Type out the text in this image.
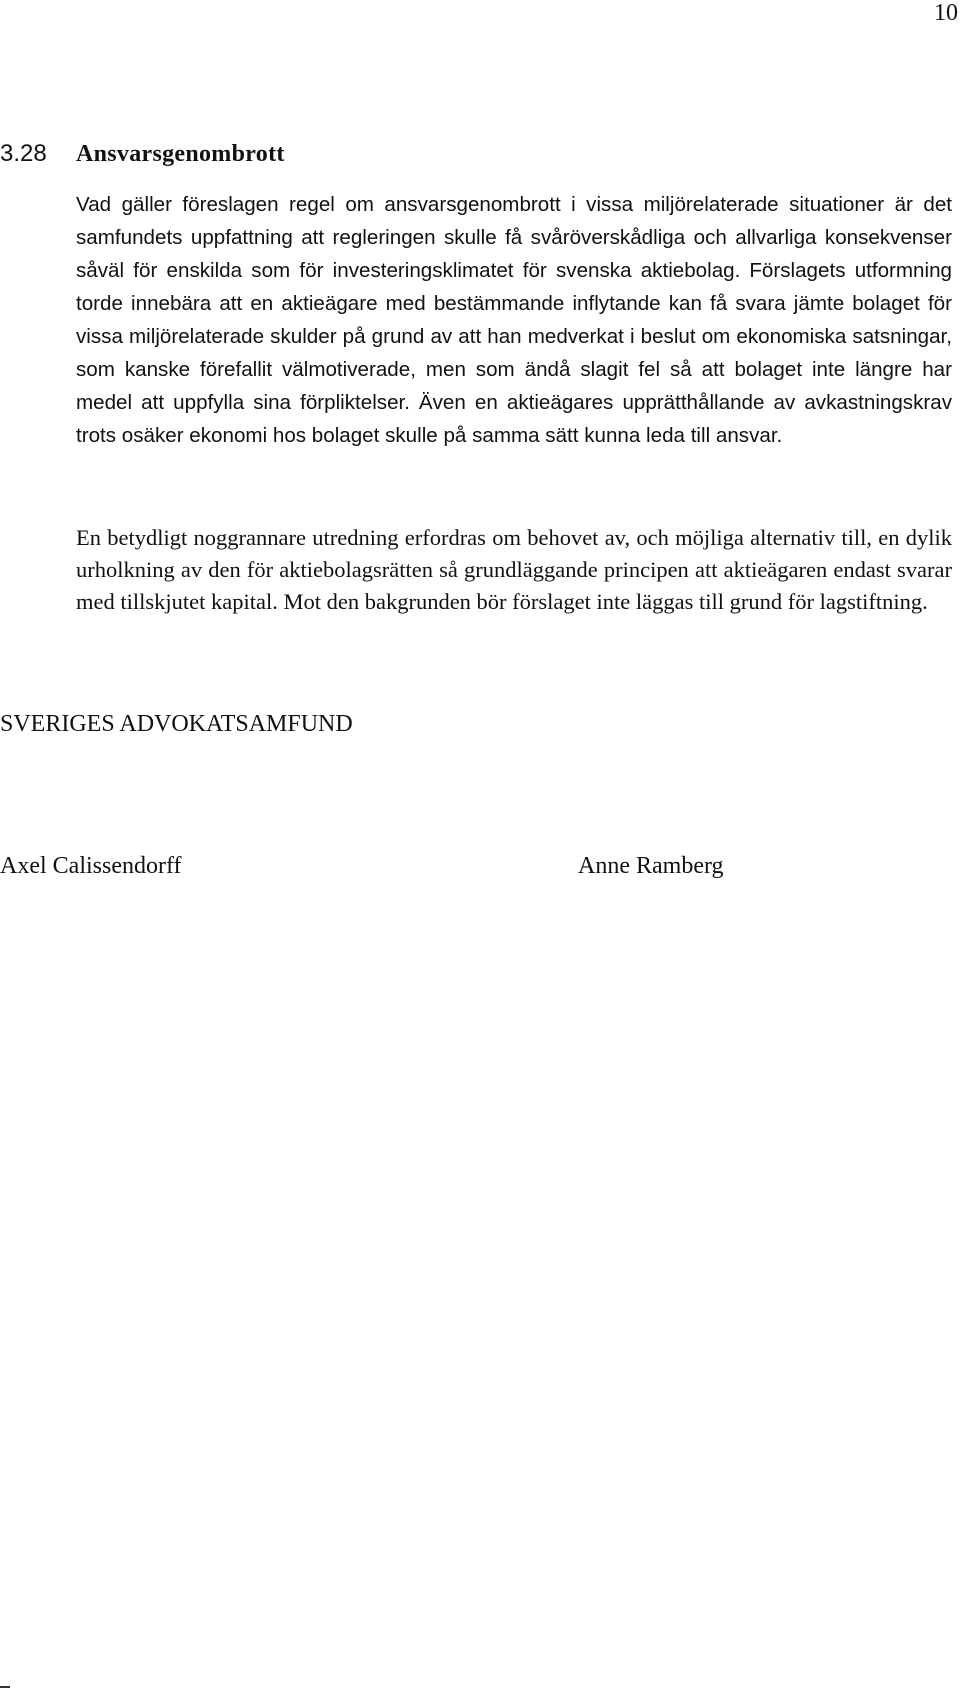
10
3.28 Ansvarsgenombrott

Vad gäller föreslagen regel om ansvarsgenombrott i vissa miljörelaterade situationer är det samfundets uppfattning att regleringen skulle få svåröverskådliga och allvarliga konsekvenser såväl för enskilda som för investeringsklimatet för svenska aktiebolag. Förslagets utformning torde innebära att en aktieägare med bestämmande inflytande kan få svara jämte bolaget för vissa miljörelaterade skulder på grund av att han medverkat i beslut om ekonomiska satsningar, som kanske förefallit välmotiverade, men som ändå slagit fel så att bolaget inte längre har medel att uppfylla sina förpliktelser. Även en aktieägares upprätthållande av avkastningskrav trots osäker ekonomi hos bolaget skulle på samma sätt kunna leda till ansvar.

En betydligt noggrannare utredning erfordras om behovet av, och möjliga alternativ till, en dylik urholkning av den för aktiebolagsrätten så grundläggande principen att aktieägaren endast svarar med tillskjutet kapital. Mot den bakgrunden bör förslaget inte läggas till grund för lagstiftning.

SVERIGES ADVOKATSAMFUND
Axel Calissendorff	Anne Ramberg
